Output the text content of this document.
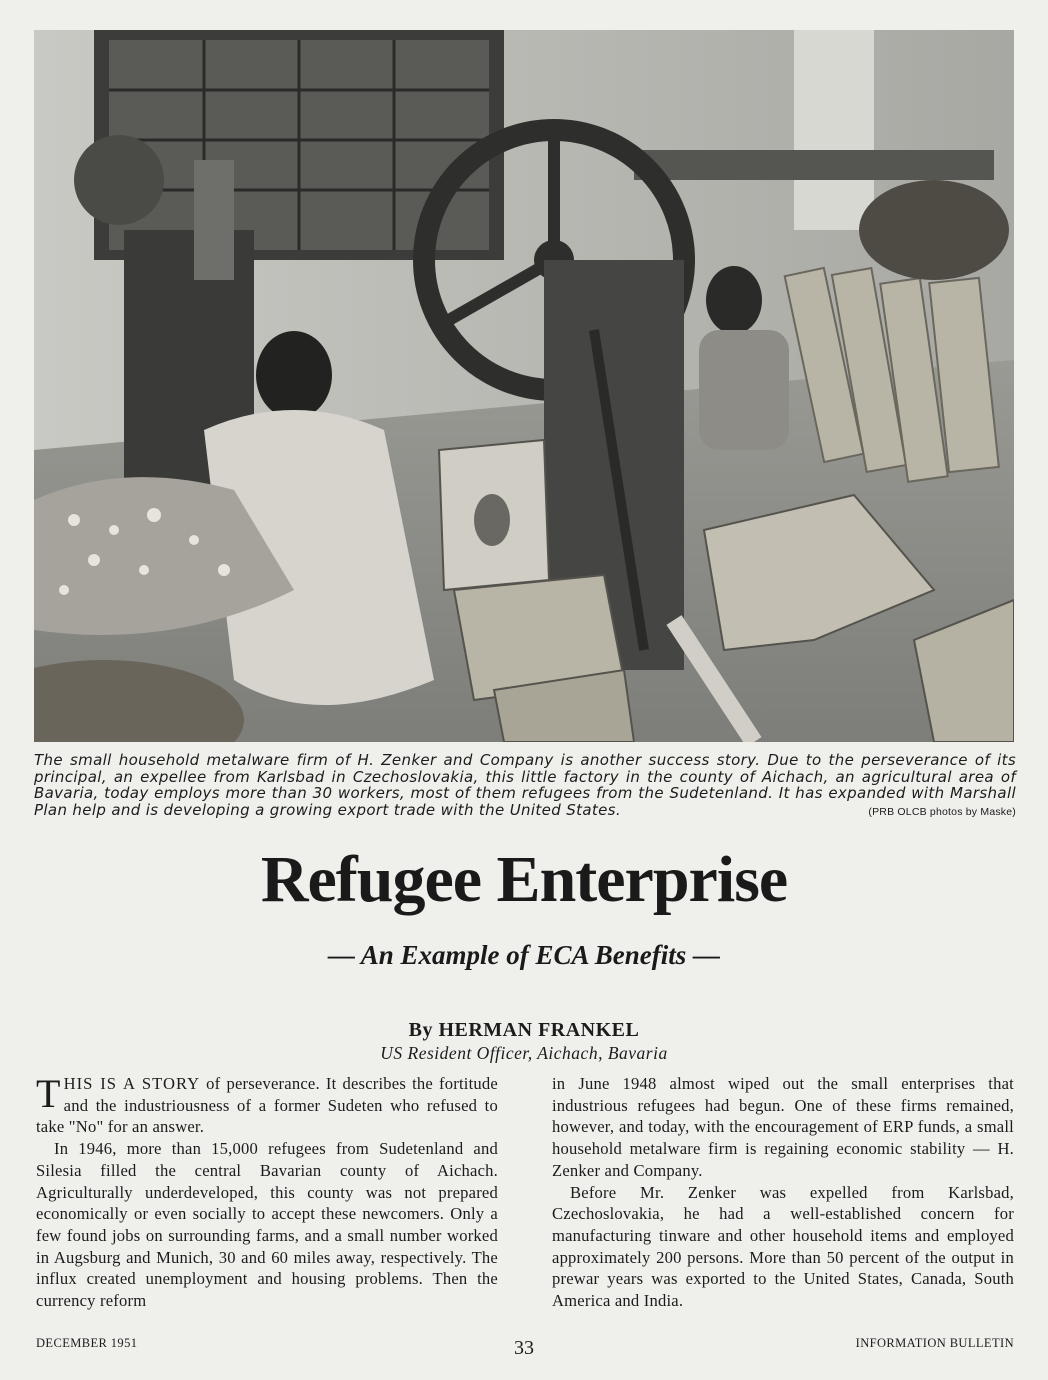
The small household metalware firm of H. Zenker and Company is another success story. Due to the perseverance of its principal, an expellee from Karlsbad in Czechoslovakia, this little factory in the county of Aichach, an agricultural area of Bavaria, today employs more than 30 workers, most of them refugees from the Sudetenland. It has expanded with Marshall Plan help and is developing a growing export trade with the United States.	(PRB OLCB photos by Maske)
Refugee Enterprise
— An Example of ECA Benefits —
By HERMAN FRANKEL
US Resident Officer, Aichach, Bavaria

THIS IS A STORY of perseverance. It describes the fortitude and the industriousness of a former Sudeten who refused to take "No" for an answer.

In 1946, more than 15,000 refugees from Sudetenland and Silesia filled the central Bavarian county of Aichach. Agriculturally underdeveloped, this county was not prepared economically or even socially to accept these newcomers. Only a few found jobs on surrounding farms, and a small number worked in Augsburg and Munich, 30 and 60 miles away, respectively. The influx created unemployment and housing problems. Then the currency reform

in June 1948 almost wiped out the small enterprises that industrious refugees had begun. One of these firms remained, however, and today, with the encouragement of ERP funds, a small household metalware firm is regaining economic stability — H. Zenker and Company.

Before Mr. Zenker was expelled from Karlsbad, Czechoslovakia, he had a well-established concern for manufacturing tinware and other household items and employed approximately 200 persons. More than 50 percent of the output in prewar years was exported to the United States, Canada, South America and India.

DECEMBER 1951	33	INFORMATION BULLETIN
